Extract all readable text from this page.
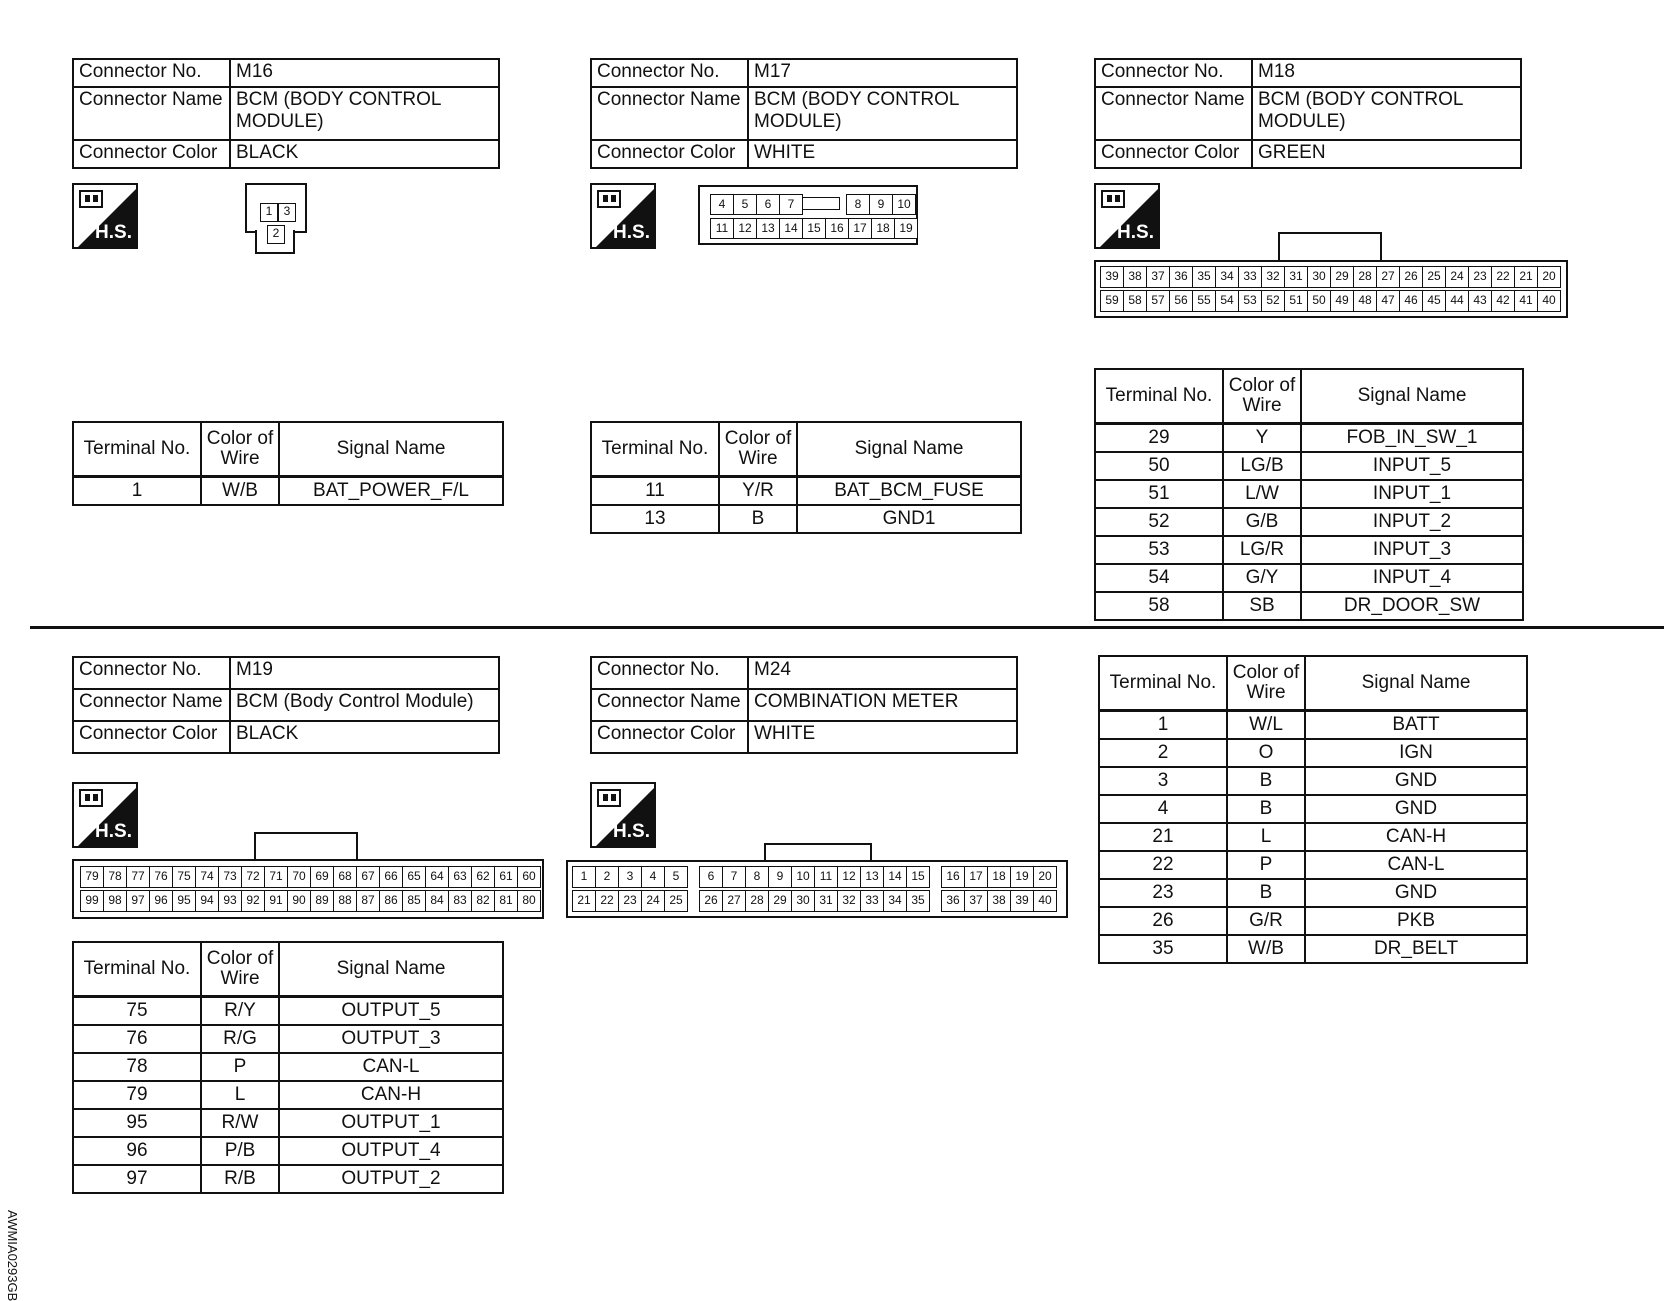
Connector No.	M16
Connector Name	BCM (BODY CONTROL MODULE)
Connector Color	BLACK
H.S.
1 3
2
Terminal No.	Color of Wire	Signal Name
1	W/B	BAT_POWER_F/L
Connector No.	M17
Connector Name	BCM (BODY CONTROL MODULE)
Connector Color	WHITE
H.S.
4	5	6	7	8	9	10
11 12 13 14 15 16 17 18 19
Terminal No.	Color of Wire	Signal Name
11	Y/R	BAT_BCM_FUSE
13	B	GND1
Connector No.	M18
Connector Name	BCM (BODY CONTROL MODULE)
Connector Color	GREEN
H.S.
39 38 37 36 35 34 33 32 31 30 29 28 27 26 25 24 23 22 21 20
59 58 57 56 55 54 53 52 51 50 49 48 47 46 45 44 43 42 41 40
Terminal No.	Color of Wire	Signal Name
29	Y	FOB_IN_SW_1
50	LG/B	INPUT_5
51	L/W	INPUT_1
52	G/B	INPUT_2
53	LG/R	INPUT_3
54	G/Y	INPUT_4
58	SB	DR_DOOR_SW
Connector No.	M19
Connector Name	BCM (Body Control Module)
Connector Color	BLACK
H.S.
79 78 77 76 75 74 73 72 71 70 69 68 67 66 65 64 63 62 61 60
99 98 97 96 95 94 93 92 91 90 89 88 87 86 85 84 83 82 81 80
Terminal No.	Color of Wire	Signal Name
75	R/Y	OUTPUT_5
76	R/G	OUTPUT_3
78	P	CAN-L
79	L	CAN-H
95	R/W	OUTPUT_1
96	P/B	OUTPUT_4
97	R/B	OUTPUT_2
Connector No.	M24
Connector Name	COMBINATION METER
Connector Color	WHITE
H.S.
1	2	3	4	5	6	7	8	9	10 11 12 13 14 15	16 17 18 19 20
21 22 23 24 25	26 27 28 29 30 31 32 33 34 35	36 37 38 39 40
Terminal No.	Color of Wire	Signal Name
1	W/L	BATT
2	O	IGN
3	B	GND
4	B	GND
21	L	CAN-H
22	P	CAN-L
23	B	GND
26	G/R	PKB
35	W/B	DR_BELT
AWMIA0293GB
